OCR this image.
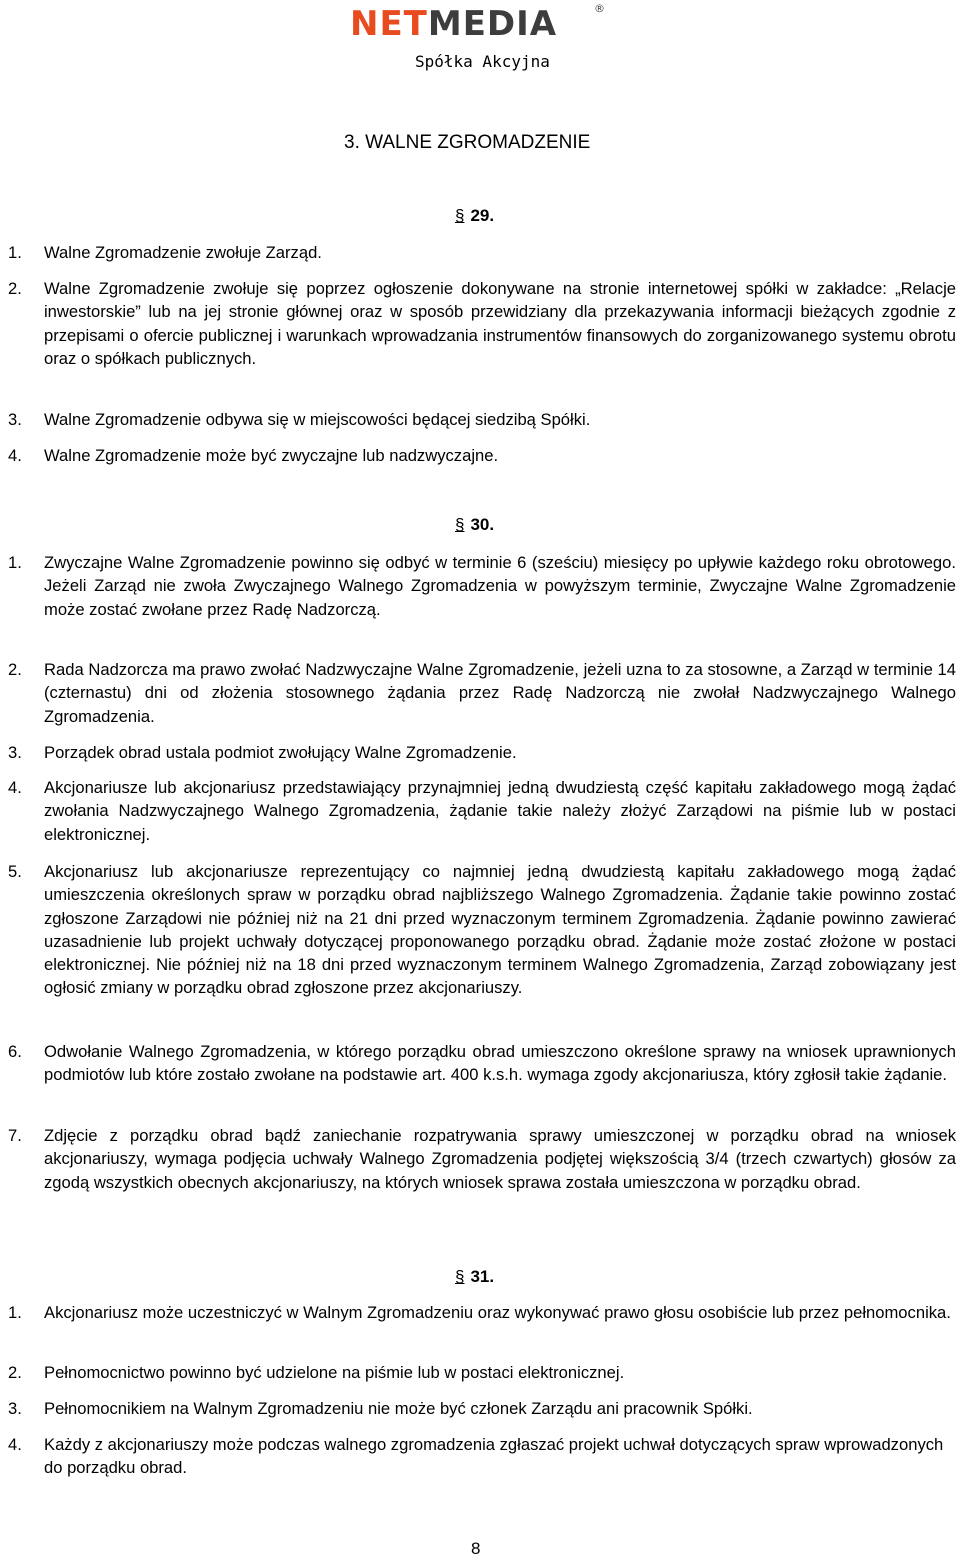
NETMEDIA	®
Spółka Akcyjna
3. WALNE ZGROMADZENIE
§ 29.
1. Walne Zgromadzenie zwołuje Zarząd.
2. Walne Zgromadzenie zwołuje się poprzez ogłoszenie dokonywane na stronie internetowej spółki w zakładce: „Relacje inwestorskie” lub na jej stronie głównej oraz w sposób przewidziany dla przekazywania informacji bieżących zgodnie z przepisami o ofercie publicznej i warunkach wprowadzania instrumentów finansowych do zorganizowanego systemu obrotu oraz o spółkach publicznych.
3. Walne Zgromadzenie odbywa się w miejscowości będącej siedzibą Spółki.
4. Walne Zgromadzenie może być zwyczajne lub nadzwyczajne.
§ 30.
1. Zwyczajne Walne Zgromadzenie powinno się odbyć w terminie 6 (sześciu) miesięcy po upływie każdego roku obrotowego. Jeżeli Zarząd nie zwoła Zwyczajnego Walnego Zgromadzenia w powyższym terminie, Zwyczajne Walne Zgromadzenie może zostać zwołane przez Radę Nadzorczą.
2. Rada Nadzorcza ma prawo zwołać Nadzwyczajne Walne Zgromadzenie, jeżeli uzna to za stosowne, a Zarząd w terminie 14 (czternastu) dni od złożenia stosownego żądania przez Radę Nadzorczą nie zwołał Nadzwyczajnego Walnego Zgromadzenia.
3. Porządek obrad ustala podmiot zwołujący Walne Zgromadzenie.
4. Akcjonariusze lub akcjonariusz przedstawiający przynajmniej jedną dwudziestą część kapitału zakładowego mogą żądać zwołania Nadzwyczajnego Walnego Zgromadzenia, żądanie takie należy złożyć Zarządowi na piśmie lub w postaci elektronicznej.
5. Akcjonariusz lub akcjonariusze reprezentujący co najmniej jedną dwudziestą kapitału zakładowego mogą żądać umieszczenia określonych spraw w porządku obrad najbliższego Walnego Zgromadzenia. Żądanie takie powinno zostać zgłoszone Zarządowi nie później niż na 21 dni przed wyznaczonym terminem Zgromadzenia. Żądanie powinno zawierać uzasadnienie lub projekt uchwały dotyczącej proponowanego porządku obrad. Żądanie może zostać złożone w postaci elektronicznej. Nie później niż na 18 dni przed wyznaczonym terminem Walnego Zgromadzenia, Zarząd zobowiązany jest ogłosić zmiany w porządku obrad zgłoszone przez akcjonariuszy.
6. Odwołanie Walnego Zgromadzenia, w którego porządku obrad umieszczono określone sprawy na wniosek uprawnionych podmiotów lub które zostało zwołane na podstawie art. 400 k.s.h. wymaga zgody akcjonariusza, który zgłosił takie żądanie.
7. Zdjęcie z porządku obrad bądź zaniechanie rozpatrywania sprawy umieszczonej w porządku obrad na wniosek akcjonariuszy, wymaga podjęcia uchwały Walnego Zgromadzenia podjętej większością 3/4 (trzech czwartych) głosów za zgodą wszystkich obecnych akcjonariuszy, na których wniosek sprawa została umieszczona w porządku obrad.
§ 31.
1. Akcjonariusz może uczestniczyć w Walnym Zgromadzeniu oraz wykonywać prawo głosu osobiście lub przez pełnomocnika.
2. Pełnomocnictwo powinno być udzielone na piśmie lub w postaci elektronicznej.
3. Pełnomocnikiem na Walnym Zgromadzeniu nie może być członek Zarządu ani pracownik Spółki.
4. Każdy z akcjonariuszy może podczas walnego zgromadzenia zgłaszać projekt uchwał dotyczących spraw wprowadzonych do porządku obrad.
8
